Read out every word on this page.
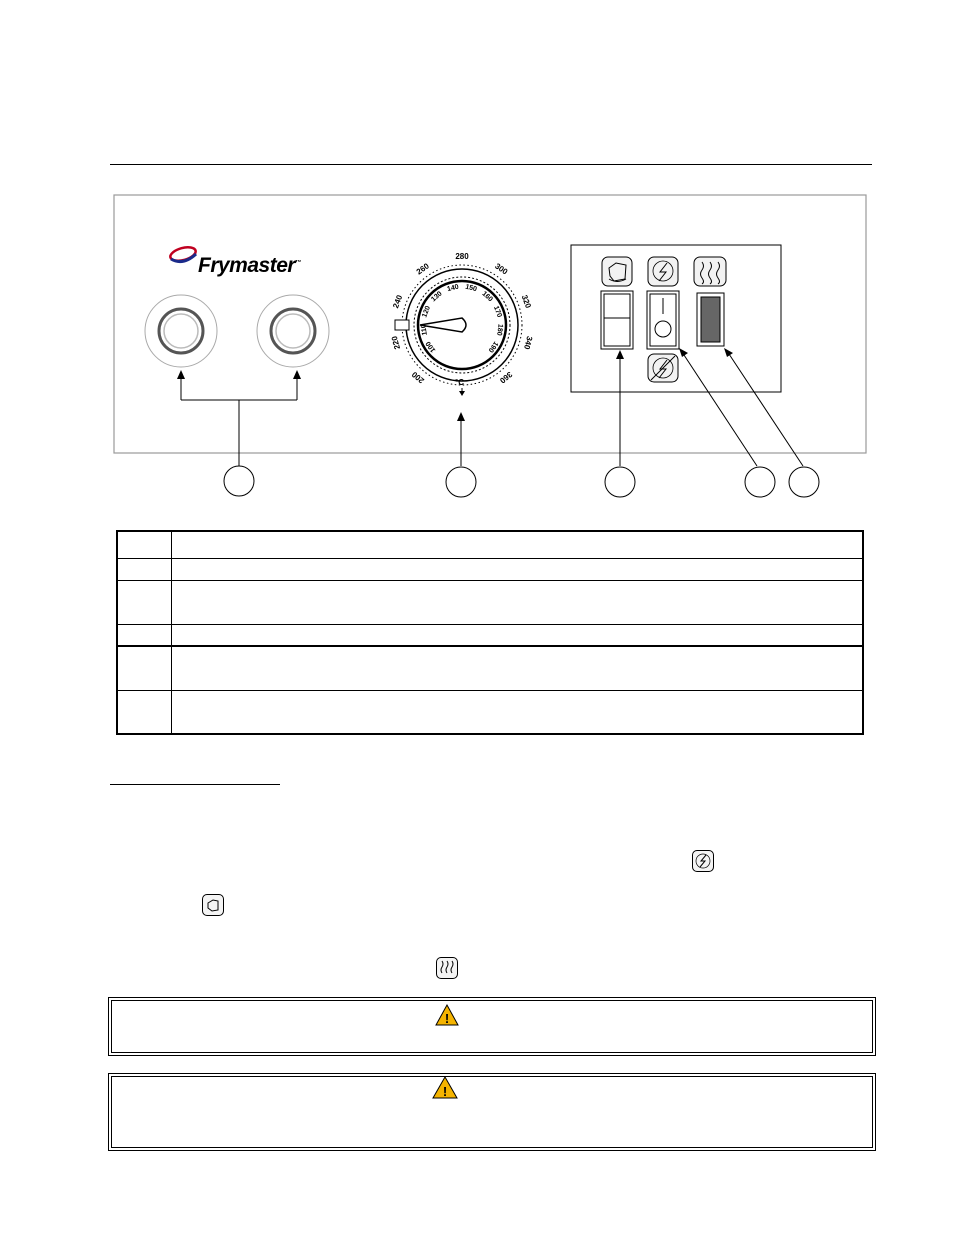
200
220
240
260
280
300
320
340
360
100
110
120
130
140 150
160
170
180
190
°C
!
!
Frymaster™
